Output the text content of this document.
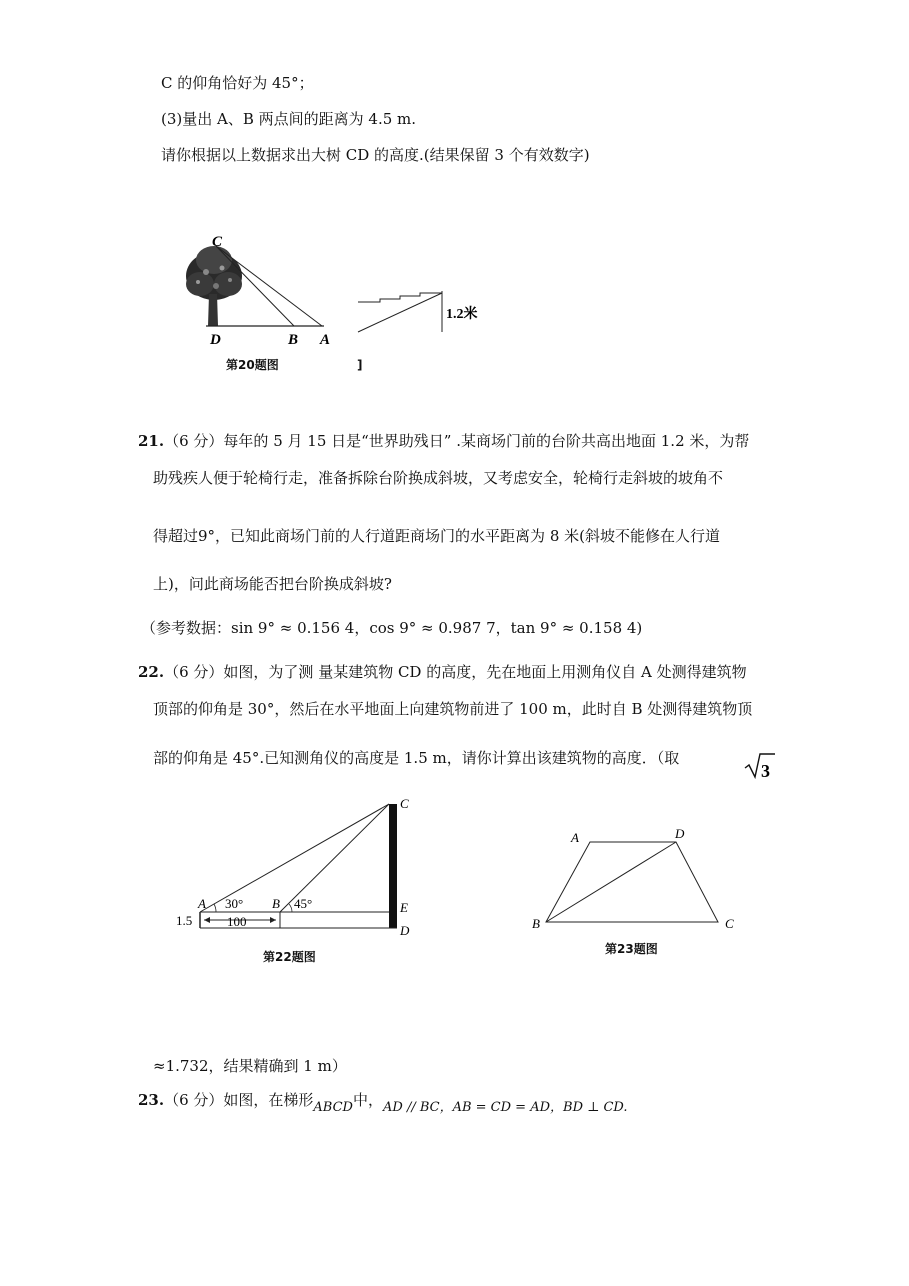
C 的仰角恰好为 45°；
(3)量出 A、B 两点间的距离为 4.5 m.
请你根据以上数据求出大树 CD 的高度.(结果保留 3 个有效数字)
C
D	B A
第20题图
1.2米
]
21.（6 分）每年的 5 月 15 日是“世界助残日” .某商场门前的台阶共高出地面 1.2 米，为帮
助残疾人便于轮椅行走，准备拆除台阶换成斜坡，又考虑安全，轮椅行走斜坡的坡角不
得超过9°，已知此商场门前的人行道距商场门的水平距离为 8 米(斜坡不能修在人行道
上)，问此商场能否把台阶换成斜坡?
（参考数据：sin 9° ≈ 0.156 4，cos 9° ≈ 0.987 7，tan 9° ≈ 0.158 4)
22.（6 分）如图，为了测 量某建筑物 CD 的高度，先在地面上用测角仪自 A 处测得建筑物
顶部的仰角是 30°，然后在水平地面上向建筑物前进了 100 m，此时自 B 处测得建筑物顶
部的仰角是 45°.已知测角仪的高度是 1.5 m，请你计算出该建筑物的高度．（取
3
A 30° B 45°
C
E
D
1.5	100
第22题图
A	D
B	C
第23题图
≈1.732，结果精确到 1 m）
23.（6 分）如图，在梯形ABCD中，AD // BC，AB = CD = AD，BD ⊥ CD.
